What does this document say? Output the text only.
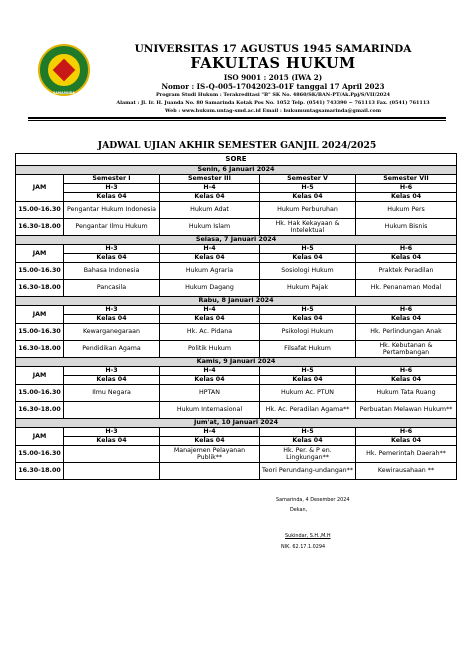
SAMARINDA
UNIVERSITAS 17 AGUSTUS 1945 SAMARINDA
FAKULTAS HUKUM
ISO 9001 : 2015 (IWA 2)
Nomor : IS-Q-005-17042023-01F tanggal 17 April 2023
Program Studi Hukum : Terakreditasi "B" SK No. 4860/SK/BAN-PT/Ak.Ppj/S/VII/2024
Alamat : Jl. Ir. H. Juanda No. 80 Samarinda Kotak Pos No. 1052 Telp. (0541) 743390 ~ 761113 Fax. (0541) 761113
Web : www.hukum.untag-smd.ac.id Email : hukumuntagsamarinda@gmail.com
JADWAL UJIAN AKHIR SEMESTER GANJIL 2024/2025
SORE				
Senin, 6 Januari 2024				
JAM	Semester I	Semester III	Semester V	Semester VII
	H-3	H-4	H-5	H-6
	Kelas 04	Kelas 04	Kelas 04	Kelas 04
15.00-16.30	Pengantar Hukum Indonesia	Hukum Adat	Hukum Perburuhan	Hukum Pers
16.30-18.00	Pengantar Ilmu Hukum	Hukum Islam	Hk. Hak Kekayaan & Intelektual	Hukum Bisnis
Selasa, 7 Januari 2024				
JAM	H-3	H-4	H-5	H-6
	Kelas 04	Kelas 04	Kelas 04	Kelas 04
15.00-16.30	Bahasa Indonesia	Hukum Agraria	Sosiologi Hukum	Praktek Peradilan
16.30-18.00	Pancasila	Hukum Dagang	Hukum Pajak	Hk. Penanaman Modal
Rabu, 8 Januari 2024				
JAM	H-3	H-4	H-5	H-6
	Kelas 04	Kelas 04	Kelas 04	Kelas 04
15.00-16.30	Kewarganegaraan	Hk. Ac. Pidana	Psikologi Hukum	Hk. Perlindungan Anak
16.30-18.00	Pendidikan Agama	Politik Hukum	Filsafat Hukum	Hk. Kebutanan & Pertambangan
Kamis, 9 Januari 2024				
JAM	H-3	H-4	H-5	H-6
	Kelas 04	Kelas 04	Kelas 04	Kelas 04
15.00-16.30	Ilmu Negara	HPTAN	Hukum Ac. PTUN	Hukum Tata Ruang
16.30-18.00		Hukum Internasional	Hk. Ac. Peradilan Agama**	Perbuatan Melawan Hukum**
Jum'at, 10 Januari 2024				
JAM	H-3	H-4	H-5	H-6
	Kelas 04	Kelas 04	Kelas 04	Kelas 04
15.00-16.30		Manajemen Pelayanan Publik**	Hk. Per. & P en. Lingkungan**	Hk. Pemerintah Daerah**
16.30-18.00			Teori Perundang-undangan**	Kewirausahaan **
Samarinda, 4 Desember 2024
Dekan,
Sukindar, S.H.,M.H
NIK. 62.17.1.0294
